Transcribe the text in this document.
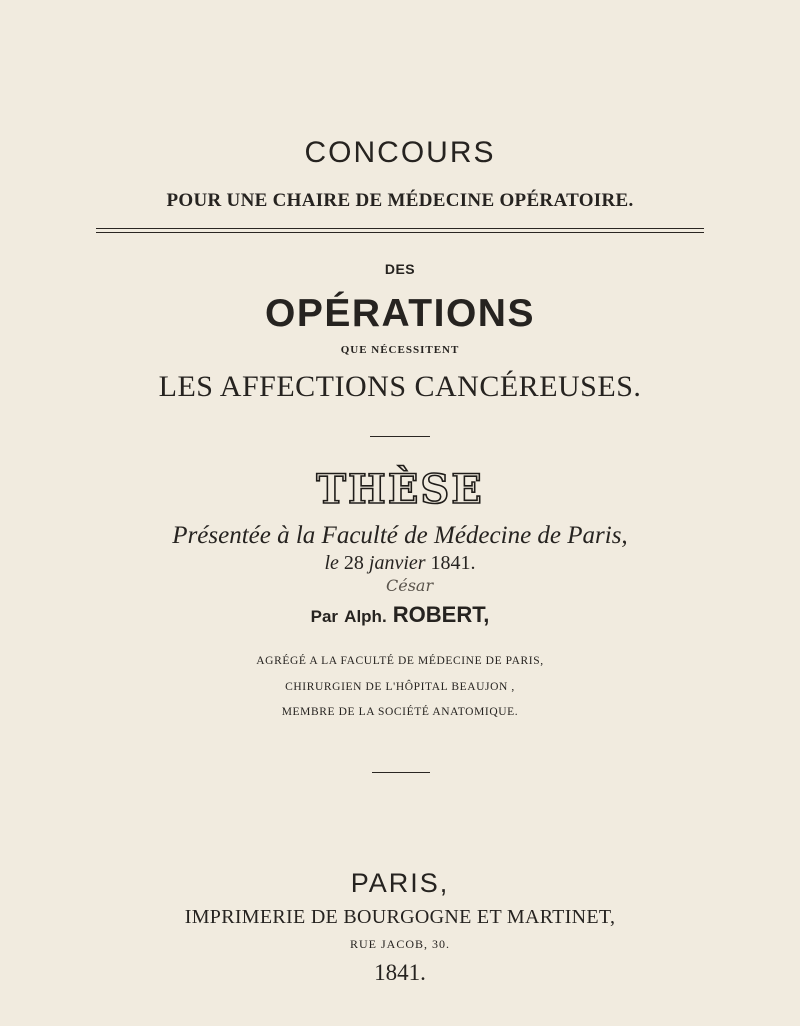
CONCOURS
POUR UNE CHAIRE DE MÉDECINE OPÉRATOIRE.
DES
OPÉRATIONS
QUE NÉCESSITENT
LES AFFECTIONS CANCÉREUSES.
THÈSE
Présentée à la Faculté de Médecine de Paris,
le 28 janvier 1841.
César
Par Alph. ROBERT,
AGRÉGÉ A LA FACULTÉ DE MÉDECINE DE PARIS,
CHIRURGIEN DE L'HÔPITAL BEAUJON ,
MEMBRE DE LA SOCIÉTÉ ANATOMIQUE.
PARIS,
IMPRIMERIE DE BOURGOGNE ET MARTINET,
RUE JACOB, 30.
1841.
